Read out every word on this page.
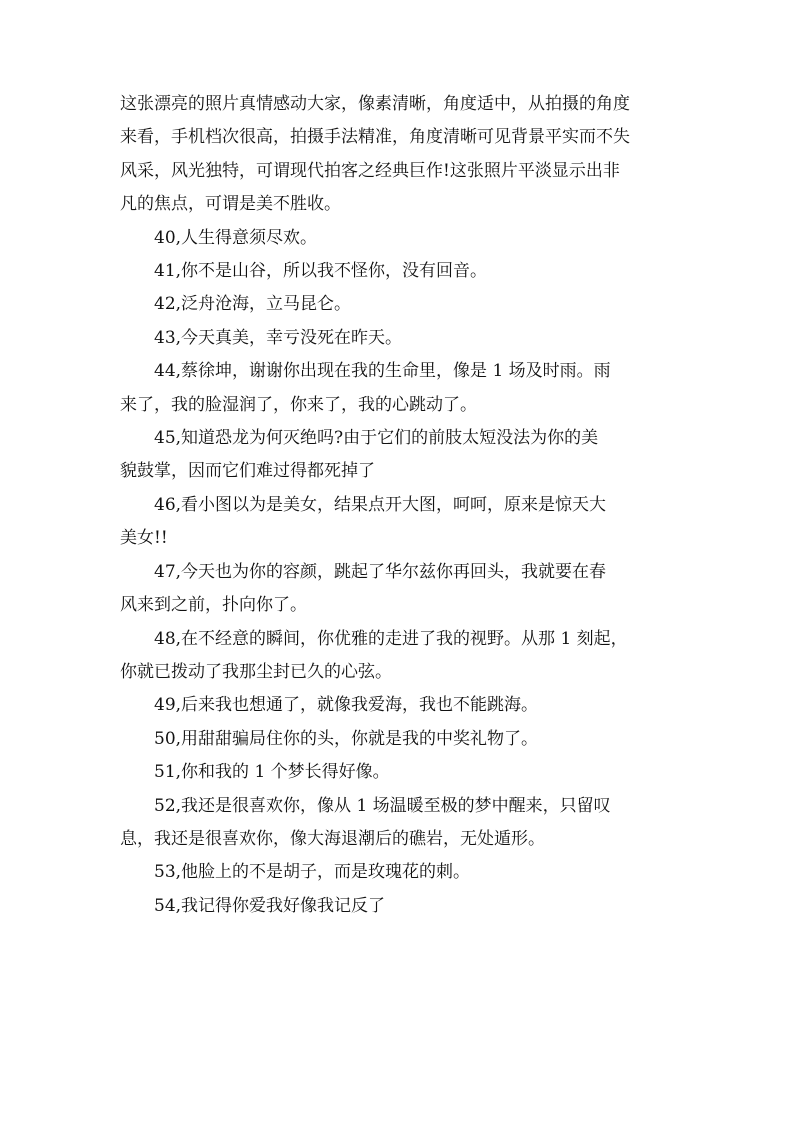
这张漂亮的照片真情感动大家，像素清晰，角度适中，从拍摄的角度
来看，手机档次很高，拍摄手法精准，角度清晰可见背景平实而不失
风采，风光独特，可谓现代拍客之经典巨作!这张照片平淡显示出非
凡的焦点，可谓是美不胜收。

40,人生得意须尽欢。

41,你不是山谷，所以我不怪你，没有回音。

42,泛舟沧海，立马昆仑。

43,今天真美，幸亏没死在昨天。

44,蔡徐坤，谢谢你出现在我的生命里，像是 1 场及时雨。雨
来了，我的脸湿润了，你来了，我的心跳动了。

45,知道恐龙为何灭绝吗?由于它们的前肢太短没法为你的美
貌鼓掌，因而它们难过得都死掉了

46,看小图以为是美女，结果点开大图，呵呵，原来是惊天大
美女!!

47,今天也为你的容颜，跳起了华尔兹你再回头，我就要在春
风来到之前，扑向你了。

48,在不经意的瞬间，你优雅的走进了我的视野。从那 1 刻起，
你就已拨动了我那尘封已久的心弦。

49,后来我也想通了，就像我爱海，我也不能跳海。

50,用甜甜骗局住你的头，你就是我的中奖礼物了。

51,你和我的 1 个梦长得好像。

52,我还是很喜欢你，像从 1 场温暖至极的梦中醒来，只留叹
息，我还是很喜欢你，像大海退潮后的礁岩，无处遁形。

53,他脸上的不是胡子，而是玫瑰花的刺。

54,我记得你爱我好像我记反了
